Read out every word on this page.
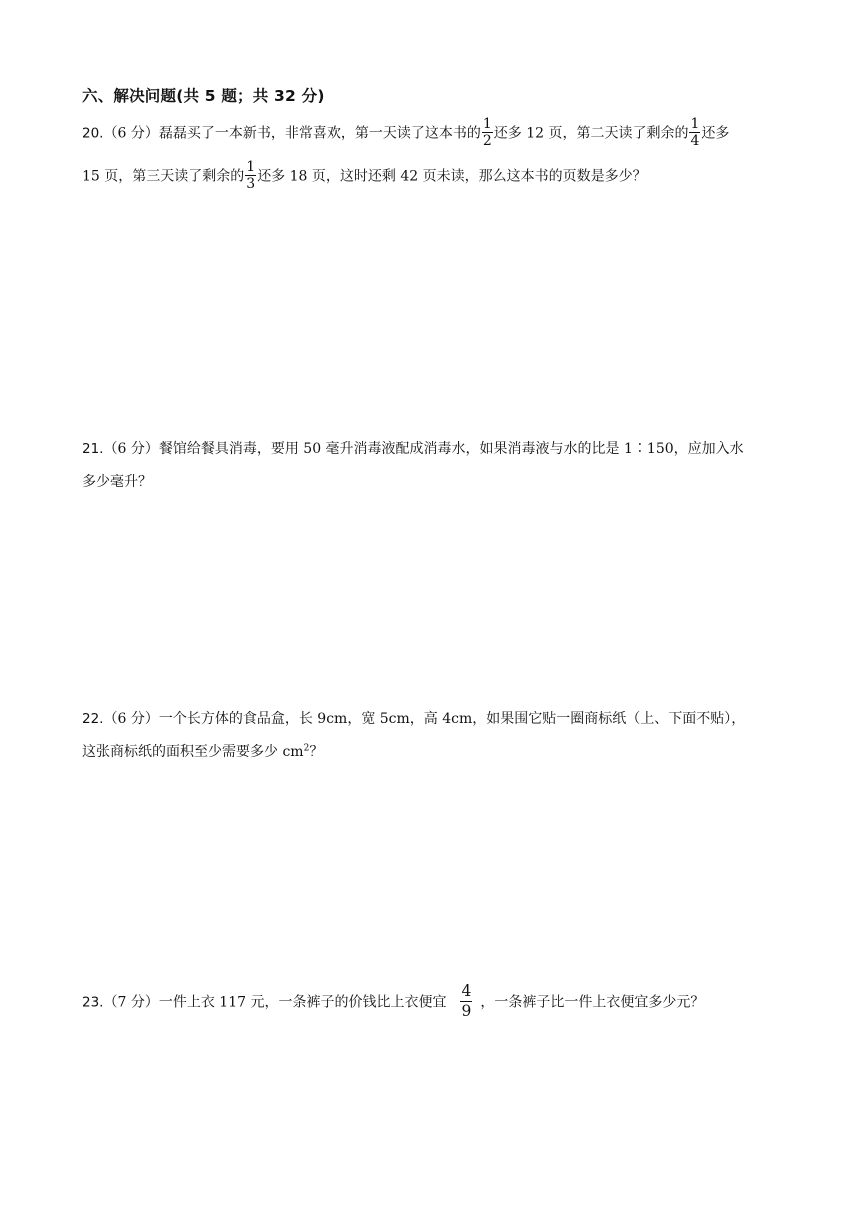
六、解决问题(共 5 题；共 32 分)
20.（6 分）磊磊买了一本新书，非常喜欢，第一天读了这本书的 $\frac{1}{2}$ 还多 12 页，第二天读了剩余的 $\frac{1}{4}$ 还多
15 页，第三天读了剩余的 $\frac{1}{3}$ 还多 18 页，这时还剩 42 页未读，那么这本书的页数是多少？
21.（6 分）餐馆给餐具消毒，要用 50 毫升消毒液配成消毒水，如果消毒液与水的比是 1∶150，应加入水
多少毫升？
22.（6 分）一个长方体的食品盒，长 9cm，宽 5cm，高 4cm，如果围它贴一圈商标纸（上、下面不贴），
这张商标纸的面积至少需要多少 $cm^2$？
23.（7 分）一件上衣 117 元，一条裤子的价钱比上衣便宜 $\frac{4}{9}$ ，一条裤子比一件上衣便宜多少元？
